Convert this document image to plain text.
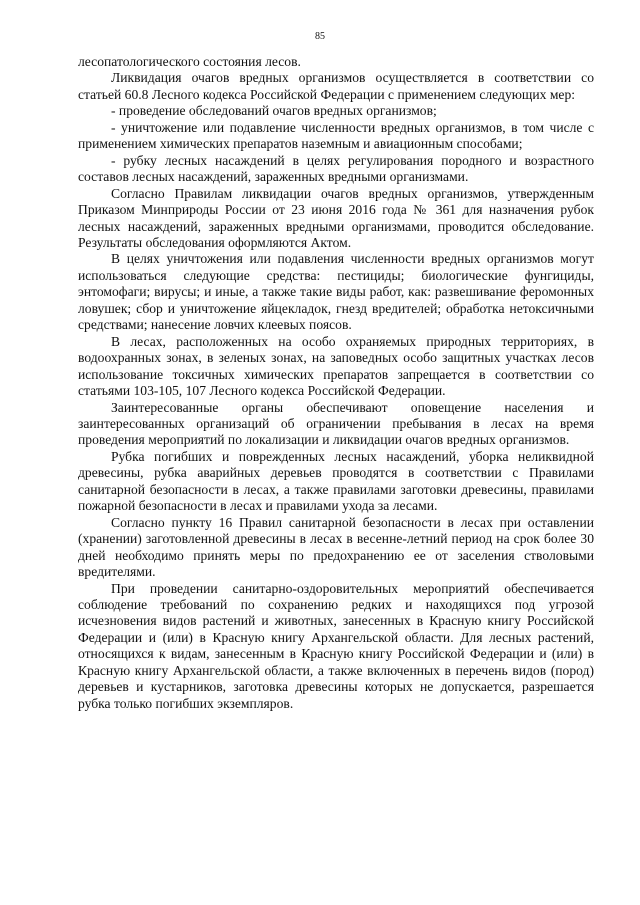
85

лесопатологического состояния лесов.

Ликвидация очагов вредных организмов осуществляется в соответствии со статьей 60.8 Лесного кодекса Российской Федерации с применением следующих мер:

- проведение обследований очагов вредных организмов;

- уничтожение или подавление численности вредных организмов, в том числе с применением химических препаратов наземным и авиационным способами;

- рубку лесных насаждений в целях регулирования породного и возрастного составов лесных насаждений, зараженных вредными организмами.

Согласно Правилам ликвидации очагов вредных организмов, утвержденным Приказом Минприроды России от 23 июня 2016 года № 361 для назначения рубок лесных насаждений, зараженных вредными организмами, проводится обследование. Результаты обследования оформляются Актом.

В целях уничтожения или подавления численности вредных организмов могут использоваться следующие средства: пестициды; биологические фунгициды, энтомофаги; вирусы; и иные, а также такие виды работ, как: развешивание феромонных ловушек; сбор и уничтожение яйцекладок, гнезд вредителей; обработка нетоксичными средствами; нанесение ловчих клеевых поясов.

В лесах, расположенных на особо охраняемых природных территориях, в водоохранных зонах, в зеленых зонах, на заповедных особо защитных участках лесов использование токсичных химических препаратов запрещается в соответствии со статьями 103-105, 107 Лесного кодекса Российской Федерации.

Заинтересованные органы обеспечивают оповещение населения и заинтересованных организаций об ограничении пребывания в лесах на время проведения мероприятий по локализации и ликвидации очагов вредных организмов.

Рубка погибших и поврежденных лесных насаждений, уборка неликвидной древесины, рубка аварийных деревьев проводятся в соответствии с Правилами санитарной безопасности в лесах, а также правилами заготовки древесины, правилами пожарной безопасности в лесах и правилами ухода за лесами.

Согласно пункту 16 Правил санитарной безопасности в лесах при оставлении (хранении) заготовленной древесины в лесах в весенне-летний период на срок более 30 дней необходимо принять меры по предохранению ее от заселения стволовыми вредителями.

При проведении санитарно-оздоровительных мероприятий обеспечивается соблюдение требований по сохранению редких и находящихся под угрозой исчезновения видов растений и животных, занесенных в Красную книгу Российской Федерации и (или) в Красную книгу Архангельской области. Для лесных растений, относящихся к видам, занесенным в Красную книгу Российской Федерации и (или) в Красную книгу Архангельской области, а также включенных в перечень видов (пород) деревьев и кустарников, заготовка древесины которых не допускается, разрешается рубка только погибших экземпляров.
